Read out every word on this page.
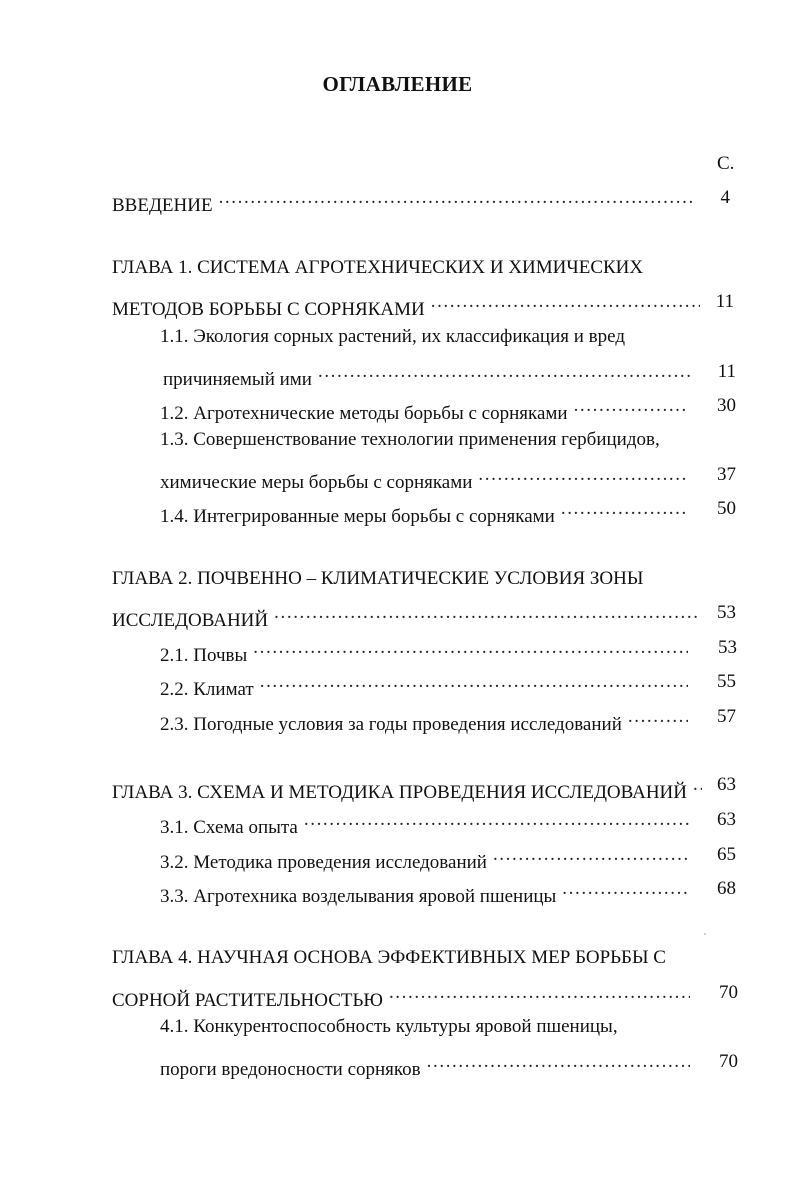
ОГЛАВЛЕНИЕ
С.
ВВЕДЕНИЕ .....	4
ГЛАВА 1. СИСТЕМА АГРОТЕХНИЧЕСКИХ И ХИМИЧЕСКИХ
МЕТОДОВ БОРЬБЫ С СОРНЯКАМИ .....	11
1.1. Экология сорных растений, их классификация и вред
причиняемый ими .....	11
1.2. Агротехнические методы борьбы с сорняками .....	30
1.3. Совершенствование технологии применения гербицидов,
химические меры борьбы с сорняками .....	37
1.4. Интегрированные меры борьбы с сорняками .....	50
ГЛАВА 2. ПОЧВЕННО – КЛИМАТИЧЕСКИЕ УСЛОВИЯ ЗОНЫ
ИССЛЕДОВАНИЙ .....	53
2.1. Почвы .....	53
2.2. Климат .....	55
2.3. Погодные условия за годы проведения исследований .....	57
ГЛАВА 3. СХЕМА И МЕТОДИКА ПРОВЕДЕНИЯ ИССЛЕДОВАНИЙ .....	63
3.1. Схема опыта .....	63
3.2. Методика проведения исследований .....	65
3.3. Агротехника возделывания яровой пшеницы .....	68
ГЛАВА 4. НАУЧНАЯ ОСНОВА ЭФФЕКТИВНЫХ МЕР БОРЬБЫ С
СОРНОЙ РАСТИТЕЛЬНОСТЬЮ .....	70
4.1. Конкурентоспособность культуры яровой пшеницы,
пороги вредоносности сорняков .....	70
